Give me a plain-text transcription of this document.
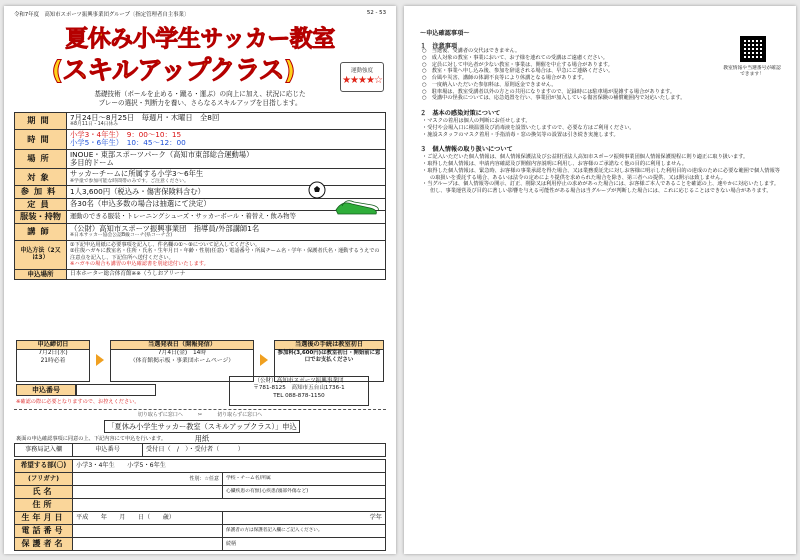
令和7年度　高知市スポーツ振興事業団グループ〔指定管理者自主事業〕	52 - 53
夏休み小学生サッカー教室
(スキルアップクラス)	運動強度
★★★★☆
基礎技術（ボールを止める・蹴る・運ぶ）の向上に加え、状況に応じた
プレーの選択・判断力を養い、さらなるスキルアップを目指します。
期間	7月24日～8月25日　毎週月・木曜日　全8回
※8月11日・14日休み

時間	小学3・4年生）　9：00～10：15
小学5・6年生）　10：45～12：00

場所	INOUE・東部スポーツパーク（高知市東部総合運動場）
多目的ドーム

対象	サッカーチームに所属する小学3～6年生
※学童で参加可能な時間帯のみです。ご注意ください。

参加料	1人3,600円（税込み・傷害保険料含む）
定員	各30名（申込多数の場合は抽選にて決定）
服装・持物	運動のできる服装・トレーニングシューズ・サッカーボール・着替え・飲み物等
講師	（公財）高知市スポーツ振興事業団　指導員/外部講師1名
※日本サッカー協会公認B級コーチ(県コーチ含)

申込方法（2又は3）	①下記申込用紙に必要事項を記入し、件名欄の①～⑨について記入してください。
②往復ハガキに教室名・住所・氏名・生年月日・年齢・性別(任意)・電話番号・所属チーム名・学年・保護者氏名・運動するうえでの注意点を記入し、下記住所へ送付ください。
※ハガキの場合も講習の申込確認書を別途送付いたします。

申込場所	日本ホーター総合体育館※※（うしおアリーナ
申込締切日
7月2日(水)
21時必着
当選発表日（開報発信）
7月4日(金)　14時
（体育館掲示板・事業団ホームページ）
当選後の手続は教室初日
参加料(3,600円)は教室初日・開始前に窓口でお支払ください
申込番号
※確認の際に必要となりますので、お控えください。
（公財）高知市スポーツ振興事業団
〒781-8125　高知市五台山1736-1
TEL 088-878-1150
切り取らずに窓口へ　　　✂　　　切り取らずに窓口へ
「夏休み小学生サッカー教室（スキルアップクラス）」申込用紙
裏面の申込確認事項に同意の上、下記内容にて申込を行います。
事務局記入欄	申込番号	受付日（　/　）・受付者（　　　）
希望する部(〇)	小学3・4年生　　小学5・6年生	
(フリガナ)	性別：☆任意	学校・チーム名/所属
氏名		心臓疾患の有無(心疾患/頭部外傷など)
住所		
生年月日	平成　　年　　月　　日（　　歳）	学年
電話番号		保護者の方は保護者記入欄にご記入ください。
保護者名		続柄
教室情報や当選番号が確認できます！
～申込確認事項～
１　注意事項
○　当選後、受講者の交代はできません。
○　成人対象の教室・事業において、お子様を連れての受講はご遠慮ください。
○　定員に対して申込者が少ない教室・事業は、開催を中止する場合があります。
○　教室・事業へ申し込み後、参加を辞退される場合は、早急にご連絡ください。
○　台風や災害、講師の体調不良等により休講となる場合があります。
○　一度納入いただいた参加料は、原則返金できません。
○　駐車場は、教室受講者以外の方との共用になりますので、記録時には駐車場が混雑する場合があります。
○　受講中の怪我については、応急処置を行い、事業団が加入している傷害保険の補償範囲内で対応いたします。
２　基本の感染対策について
・マスクの着用は個人の判断にお任せします。
・受付や会場入口に検温器及び消毒液を設置いたしますので、必要な方はご利用ください。
・施設スタッフのマスク着用・手指消毒・窓の換気等の設置は引き続き実施します。
３　個人情報の取り扱いについて
・ご記入いただいた個人情報は、個人情報保護法及び公益財団法人高知市スポーツ振興事業団個人情報保護規程に則り適正に取り扱います。
・取得した個人情報は、申請内容確認及び開催内容説明に利用し、お客様のご承諾なく他の目的に利用しません。
・取得した個人情報は、緊急時、お客様の事業承認を得た場合、又は業務委託先に対しお客様に明示した利用目的の達成のために必要な範囲で個人情報等の取扱いを委託する場合、あるいは法令の定めにより提供を求められた場合を除き、第三者への提供、又は開示は致しません。
・当グループは、個人情報等の開示、訂正、削除又は利用停止の求めがあった場合には、お客様ご本人であることを確認の上、速やかに対応いたします。但し、事業運営及び目的に著しい影響を与える可能性がある場合は当グループが判断した場合には、これに応じることはできない場合があります。
